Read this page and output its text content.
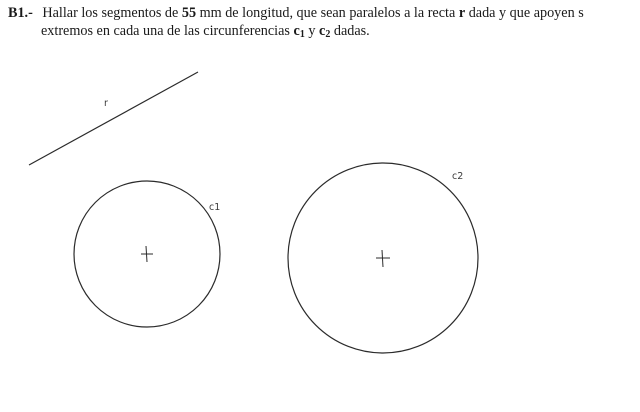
B1.- Hallar los segmentos de 55 mm de longitud, que sean paralelos a la recta r dada y que apoyen s
extremos en cada una de las circunferencias $c_1$ y $c_2$ dadas.
r
c1
c2
